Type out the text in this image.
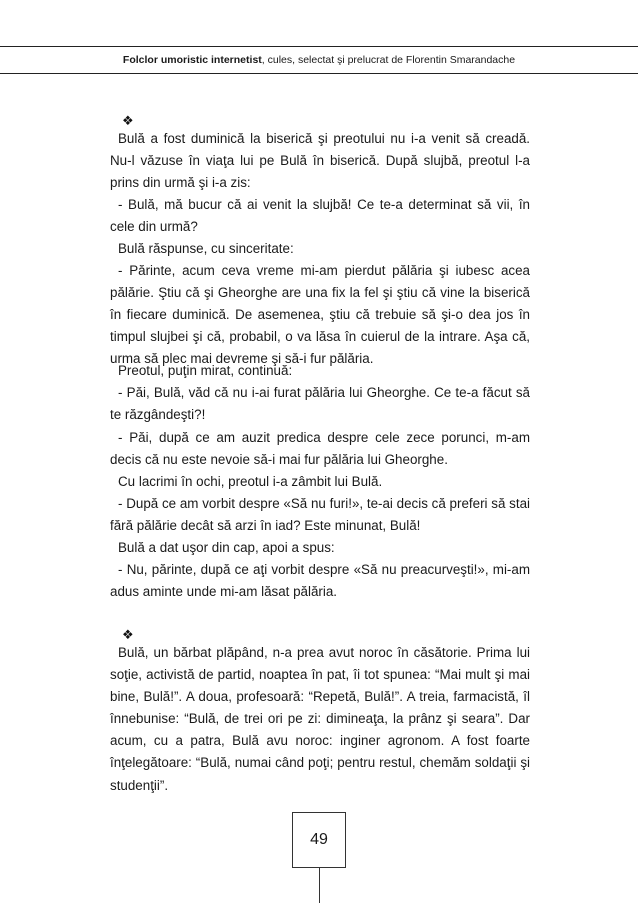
Folclor umoristic internetist, cules, selectat şi prelucrat de Florentin Smarandache
❖

Bulă a fost duminică la biserică şi preotului nu i-a venit să creadă. Nu-l văzuse în viaţa lui pe Bulă în biserică. După slujbă, preotul l-a prins din urmă şi i-a zis:

- Bulă, mă bucur că ai venit la slujbă! Ce te-a determinat să vii, în cele din urmă?

Bulă răspunse, cu sinceritate:

- Părinte, acum ceva vreme mi-am pierdut pălăria şi iubesc acea pălărie. Ştiu că şi Gheorghe are una fix la fel şi ştiu că vine la biserică în fiecare duminică. De asemenea, ştiu că trebuie să şi-o dea jos în timpul slujbei şi că, probabil, o va lăsa în cuierul de la intrare. Aşa că, urma să plec mai devreme şi să-i fur pălăria.

Preotul, puţin mirat, continuă:

- Păi, Bulă, văd că nu i-ai furat pălăria lui Gheorghe. Ce te-a făcut să te răzgândeşti?!

- Păi, după ce am auzit predica despre cele zece porunci, m-am decis că nu este nevoie să-i mai fur pălăria lui Gheorghe.

Cu lacrimi în ochi, preotul i-a zâmbit lui Bulă.

- După ce am vorbit despre «Să nu furi!», te-ai decis că preferi să stai fără pălărie decât să arzi în iad? Este minunat, Bulă!

Bulă a dat uşor din cap, apoi a spus:

- Nu, părinte, după ce aţi vorbit despre «Să nu preacurveşti!», mi-am adus aminte unde mi-am lăsat pălăria.

❖

Bulă, un bărbat plăpând, n-a prea avut noroc în căsătorie. Prima lui soţie, activistă de partid, noaptea în pat, îi tot spunea: “Mai mult şi mai bine, Bulă!”. A doua, profesoară: “Repetă, Bulă!”. A treia, farmacistă, îl înnebunise: “Bulă, de trei ori pe zi: dimineaţa, la prânz şi seara”. Dar acum, cu a patra, Bulă avu noroc: inginer agronom. A fost foarte înţelegătoare: “Bulă, numai când poţi; pentru restul, chemăm soldaţii şi studenţii”.

49
